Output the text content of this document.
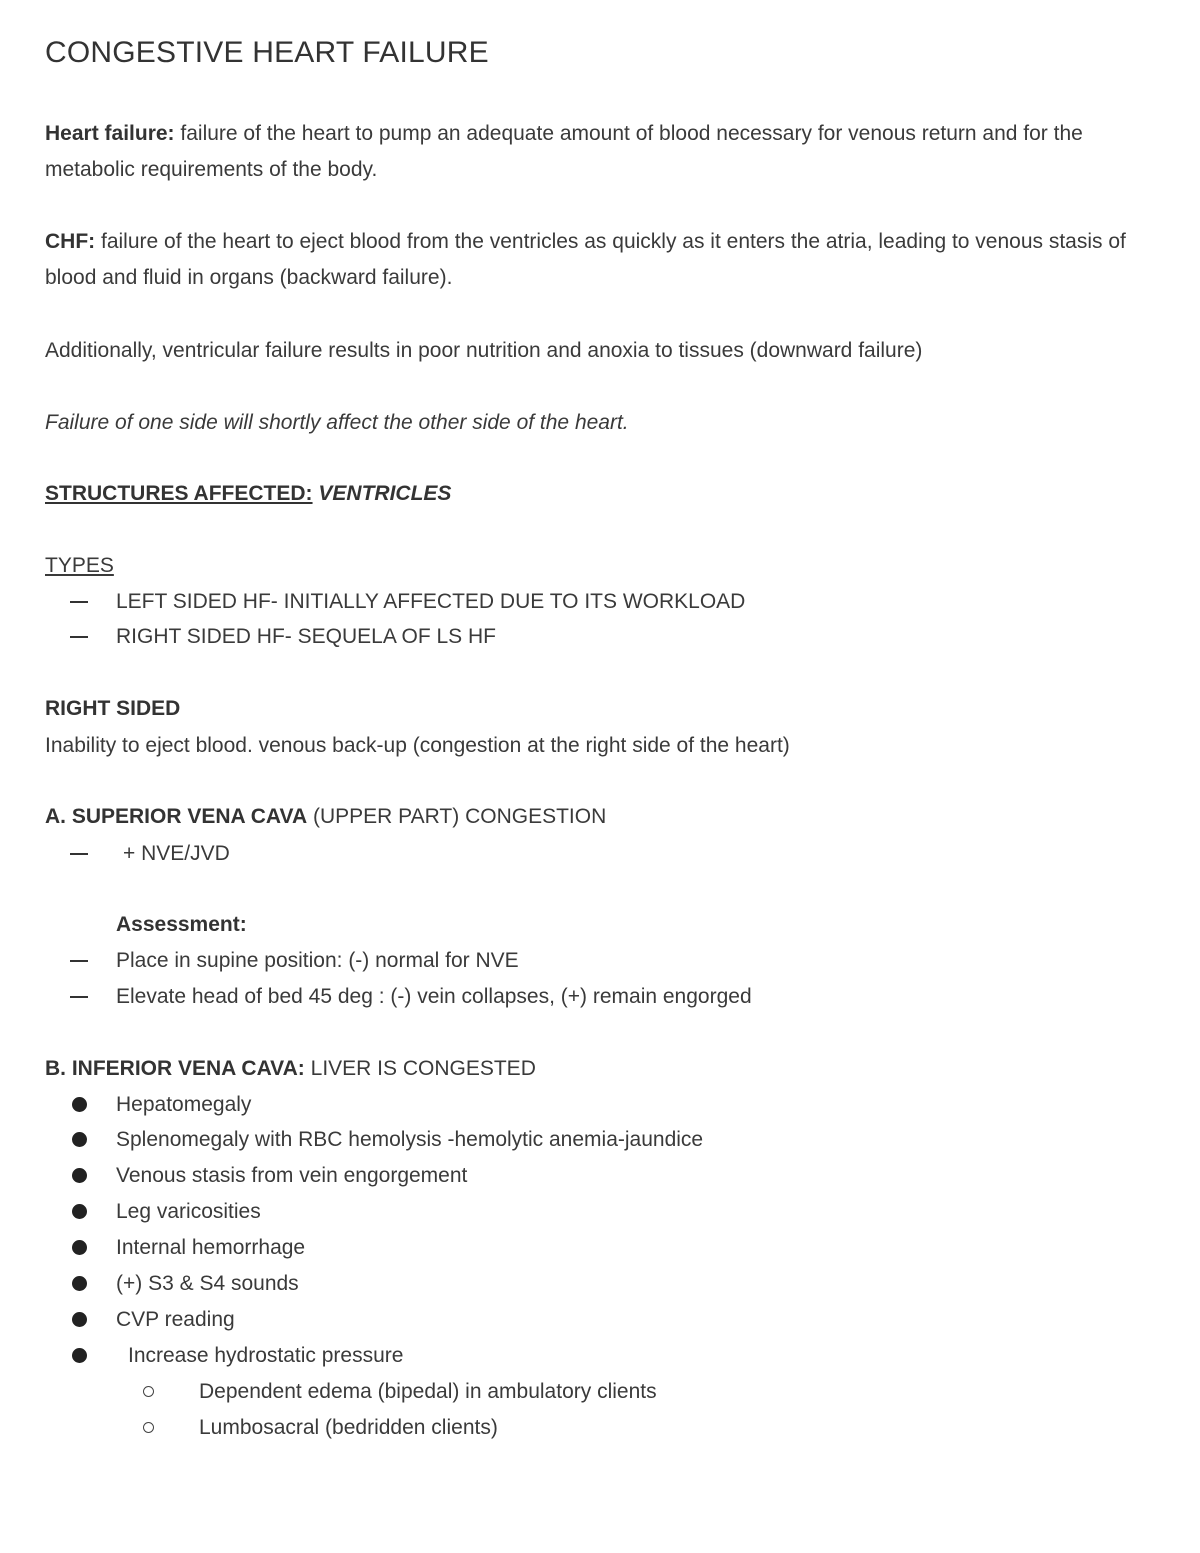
CONGESTIVE HEART FAILURE

Heart failure: failure of the heart to pump an adequate amount of blood necessary for venous return and for the metabolic requirements of the body.

CHF: failure of the heart to eject blood from the ventricles as quickly as it enters the atria, leading to venous stasis of blood and fluid in organs (backward failure).

Additionally, ventricular failure results in poor nutrition and anoxia to tissues (downward failure)

Failure of one side will shortly affect the other side of the heart.

STRUCTURES AFFECTED: VENTRICLES

TYPES

LEFT SIDED HF- INITIALLY AFFECTED DUE TO ITS WORKLOAD

RIGHT SIDED HF- SEQUELA OF LS HF

RIGHT SIDED

Inability to eject blood. venous back-up (congestion at the right side of the heart)

A. SUPERIOR VENA CAVA (UPPER PART) CONGESTION

+ NVE/JVD

Assessment:

Place in supine position: (-) normal for NVE

Elevate head of bed 45 deg : (-) vein collapses, (+) remain engorged

B. INFERIOR VENA CAVA: LIVER IS CONGESTED

Hepatomegaly

Splenomegaly with RBC hemolysis -hemolytic anemia-jaundice

Venous stasis from vein engorgement

Leg varicosities

Internal hemorrhage

(+) S3 & S4 sounds

CVP reading

Increase hydrostatic pressure

Dependent edema (bipedal) in ambulatory clients

Lumbosacral (bedridden clients)
